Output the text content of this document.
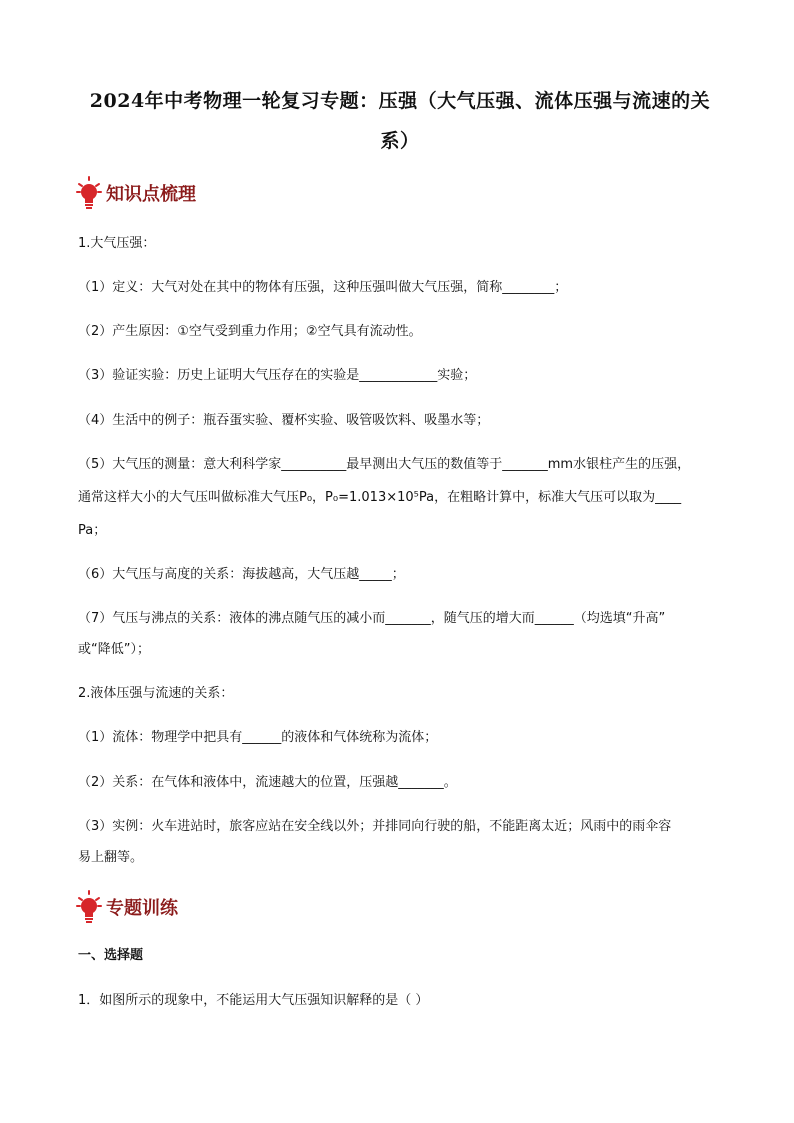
2024年中考物理一轮复习专题：压强（大气压强、流体压强与流速的关
系）
知识点梳理
1.大气压强：
（1）定义：大气对处在其中的物体有压强，这种压强叫做大气压强，简称________；
（2）产生原因：①空气受到重力作用；②空气具有流动性。
（3）验证实验：历史上证明大气压存在的实验是____________实验；
（4）生活中的例子：瓶吞蛋实验、覆杯实验、吸管吸饮料、吸墨水等；
（5）大气压的测量：意大利科学家__________最早测出大气压的数值等于_______mm水银柱产生的压强，
通常这样大小的大气压叫做标准大气压P₀，P₀=1.013×10⁵Pa，在粗略计算中，标准大气压可以取为____
Pa；
（6）大气压与高度的关系：海拔越高，大气压越_____；
（7）气压与沸点的关系：液体的沸点随气压的减小而_______，随气压的增大而______（均选填“升高”
或“降低”）；
2.液体压强与流速的关系：
（1）流体：物理学中把具有______的液体和气体统称为流体；
（2）关系：在气体和液体中，流速越大的位置，压强越_______。
（3）实例：火车进站时，旅客应站在安全线以外；并排同向行驶的船，不能距离太近；风雨中的雨伞容
易上翻等。
专题训练
一、选择题
1．如图所示的现象中，不能运用大气压强知识解释的是（ ）
